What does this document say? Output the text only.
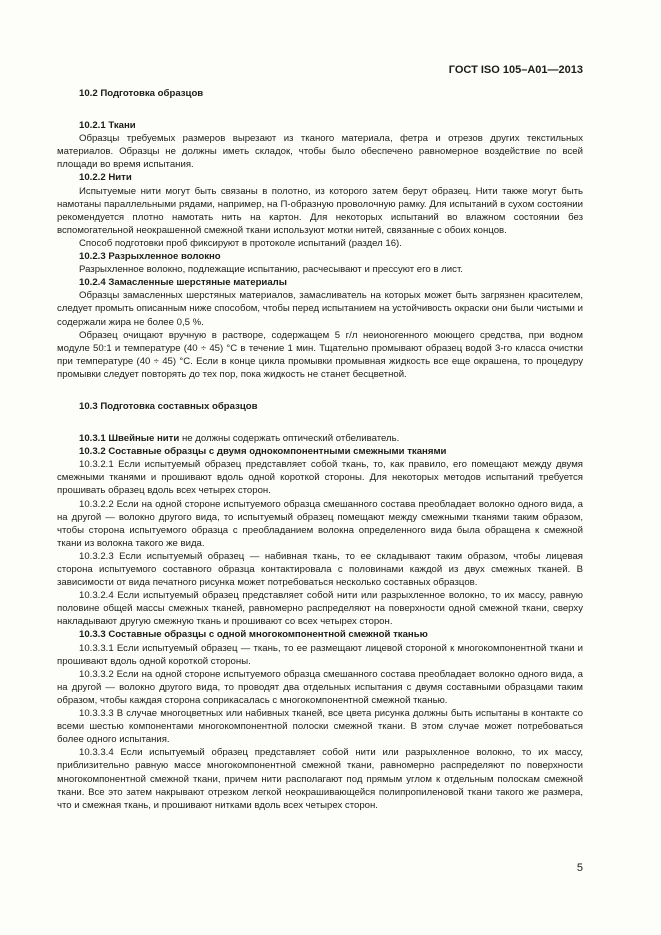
ГОСТ ISO 105–A01—2013

10.2 Подготовка образцов

10.2.1 Ткани

Образцы требуемых размеров вырезают из тканого материала, фетра и отрезов других текстильных материалов. Образцы не должны иметь складок, чтобы было обеспечено равномерное воздействие по всей площади во время испытания.

10.2.2 Нити

Испытуемые нити могут быть связаны в полотно, из которого затем берут образец. Нити также могут быть намотаны параллельными рядами, например, на П-образную проволочную рамку. Для испытаний в сухом состоянии рекомендуется плотно намотать нить на картон. Для некоторых испытаний во влажном состоянии без вспомогательной неокрашенной смежной ткани используют мотки нитей, связанные с обоих концов.

Способ подготовки проб фиксируют в протоколе испытаний (раздел 16).

10.2.3 Разрыхленное волокно

Разрыхленное волокно, подлежащие испытанию, расчесывают и прессуют его в лист.

10.2.4 Замасленные шерстяные материалы

Образцы замасленных шерстяных материалов, замасливатель на которых может быть загрязнен красителем, следует промыть описанным ниже способом, чтобы перед испытанием на устойчивость окраски они были чистыми и содержали жира не более 0,5 %.

Образец очищают вручную в растворе, содержащем 5 г/л неионогенного моющего средства, при водном модуле 50:1 и температуре (40 ÷ 45) °С в течение 1 мин. Тщательно промывают образец водой 3-го класса очистки при температуре (40 ÷ 45) °С. Если в конце цикла промывки промывная жидкость все еще окрашена, то процедуру промывки следует повторять до тех пор, пока жидкость не станет бесцветной.

10.3 Подготовка составных образцов

10.3.1 Швейные нити не должны содержать оптический отбеливатель.

10.3.2 Составные образцы с двумя однокомпонентными смежными тканями

10.3.2.1 Если испытуемый образец представляет собой ткань, то, как правило, его помещают между двумя смежными тканями и прошивают вдоль одной короткой стороны. Для некоторых методов испытаний требуется прошивать образец вдоль всех четырех сторон.

10.3.2.2 Если на одной стороне испытуемого образца смешанного состава преобладает волокно одного вида, а на другой — волокно другого вида, то испытуемый образец помещают между смежными тканями таким образом, чтобы сторона испытуемого образца с преобладанием волокна определенного вида была обращена к смежной ткани из волокна такого же вида.

10.3.2.3 Если испытуемый образец — набивная ткань, то ее складывают таким образом, чтобы лицевая сторона испытуемого составного образца контактировала с половинами каждой из двух смежных тканей. В зависимости от вида печатного рисунка может потребоваться несколько составных образцов.

10.3.2.4 Если испытуемый образец представляет собой нити или разрыхленное волокно, то их массу, равную половине общей массы смежных тканей, равномерно распределяют на поверхности одной смежной ткани, сверху накладывают другую смежную ткань и прошивают со всех четырех сторон.

10.3.3 Составные образцы с одной многокомпонентной смежной тканью

10.3.3.1 Если испытуемый образец — ткань, то ее размещают лицевой стороной к многокомпонентной ткани и прошивают вдоль одной короткой стороны.

10.3.3.2 Если на одной стороне испытуемого образца смешанного состава преобладает волокно одного вида, а на другой — волокно другого вида, то проводят два отдельных испытания с двумя составными образцами таким образом, чтобы каждая сторона соприкасалась с многокомпонентной смежной тканью.

10.3.3.3 В случае многоцветных или набивных тканей, все цвета рисунка должны быть испытаны в контакте со всеми шестью компонентами многокомпонентной полоски смежной ткани. В этом случае может потребоваться более одного испытания.

10.3.3.4 Если испытуемый образец представляет собой нити или разрыхленное волокно, то их массу, приблизительно равную массе многокомпонентной смежной ткани, равномерно распределяют по поверхности многокомпонентной смежной ткани, причем нити располагают под прямым углом к отдельным полоскам смежной ткани. Все это затем накрывают отрезком легкой неокрашивающейся полипропиленовой ткани такого же размера, что и смежная ткань, и прошивают нитками вдоль всех четырех сторон.

5
